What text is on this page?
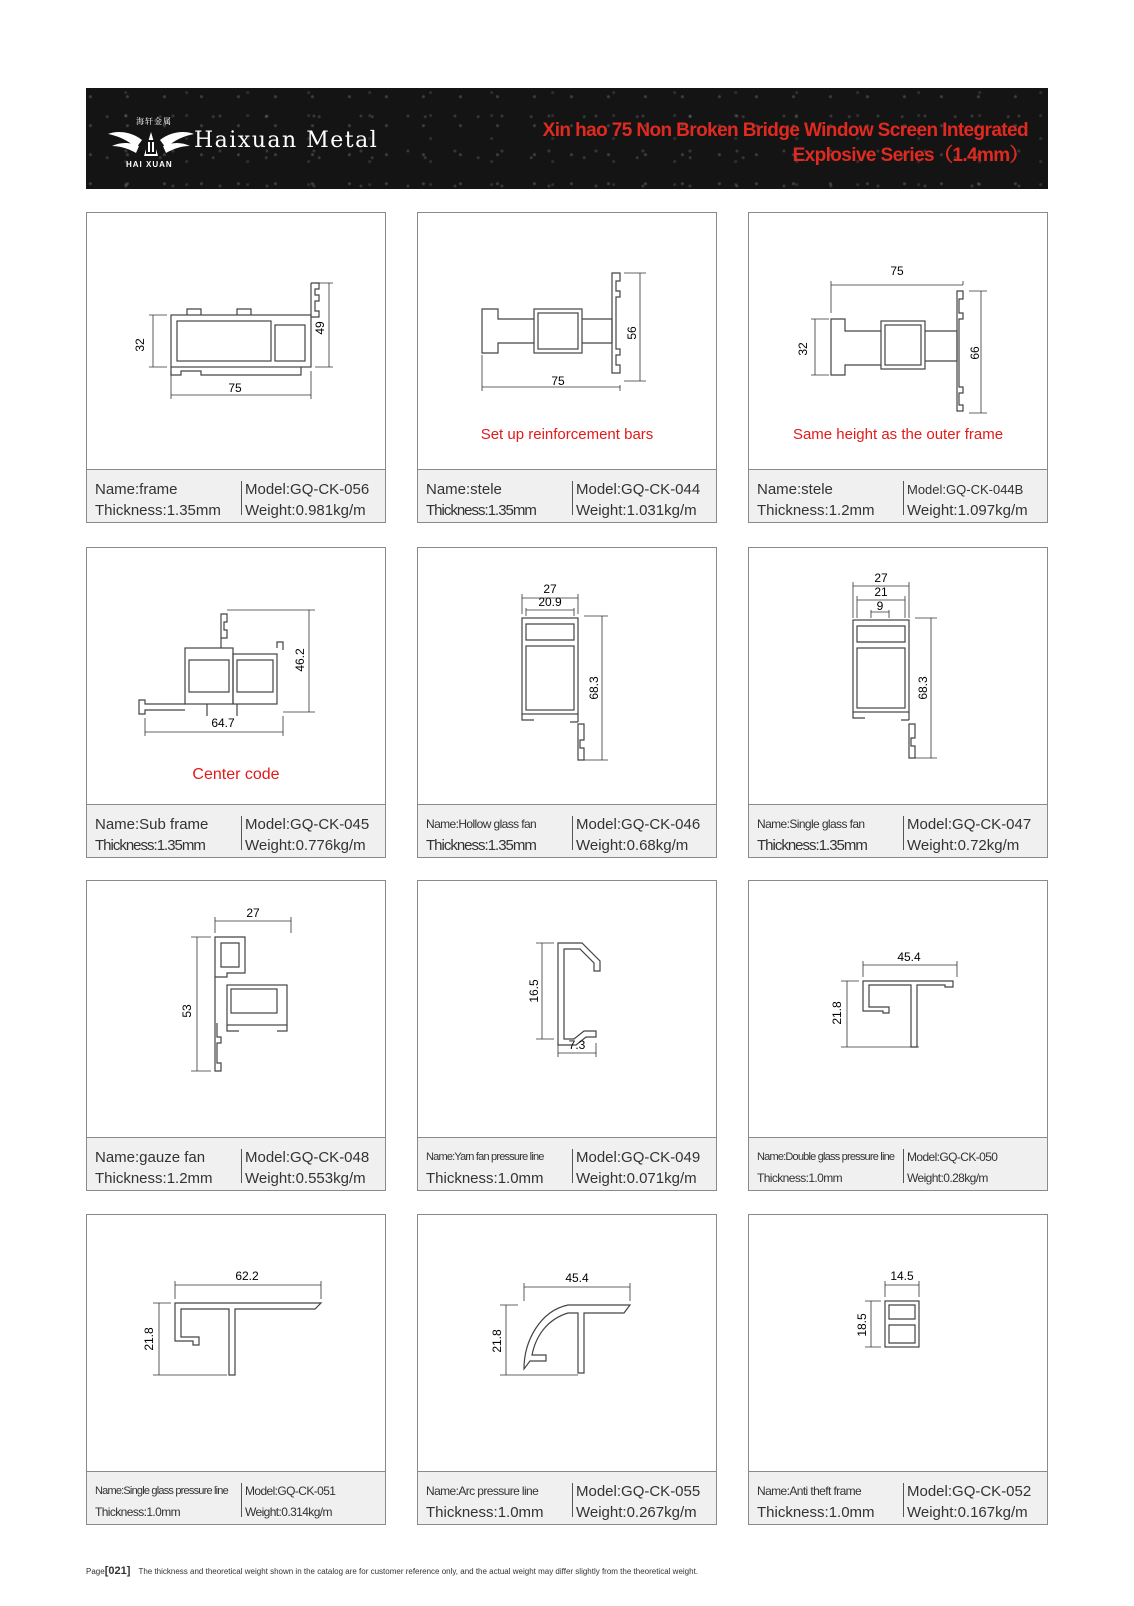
海轩金属
HAI XUAN
Haixuan Metal	Xin hao 75 Non Broken Bridge Window Screen Integrated
Explosive Series（1.4mm）
32
49
75
Name:frame
Thickness:1.35mm
Model:GQ-CK-056
Weight:0.981kg/m
56
75
Set up reinforcement bars
Name:stele
Thickness:1.35mm
Model:GQ-CK-044
Weight:1.031kg/m
75
32	66
Same height as the outer frame
Name:stele
Thickness:1.2mm
Model:GQ-CK-044B
Weight:1.097kg/m
46.2
64.7
Center code
Name:Sub frame
Thickness:1.35mm
Model:GQ-CK-045
Weight:0.776kg/m
27
20.9
68.3
Name:Hollow glass fan
Thickness:1.35mm
Model:GQ-CK-046
Weight:0.68kg/m
27
21
9
68.3
Name:Single glass fan
Thickness:1.35mm
Model:GQ-CK-047
Weight:0.72kg/m
27
53
Name:gauze fan
Thickness:1.2mm
Model:GQ-CK-048
Weight:0.553kg/m
16.5
7.3
Name:Yarn fan pressure line
Thickness:1.0mm
Model:GQ-CK-049
Weight:0.071kg/m
45.4
21.8
Name:Double glass pressure line
Thickness:1.0mm
Model:GQ-CK-050
Weight:0.28kg/m
62.2
21.8
Name:Single glass pressure line
Thickness:1.0mm
Model:GQ-CK-051
Weight:0.314kg/m
45.4
21.8
Name:Arc pressure line
Thickness:1.0mm
Model:GQ-CK-055
Weight:0.267kg/m
14.5
18.5
Name:Anti theft frame
Thickness:1.0mm
Model:GQ-CK-052
Weight:0.167kg/m
Page[021] The thickness and theoretical weight shown in the catalog are for customer reference only, and the actual weight may differ slightly from the theoretical weight.
